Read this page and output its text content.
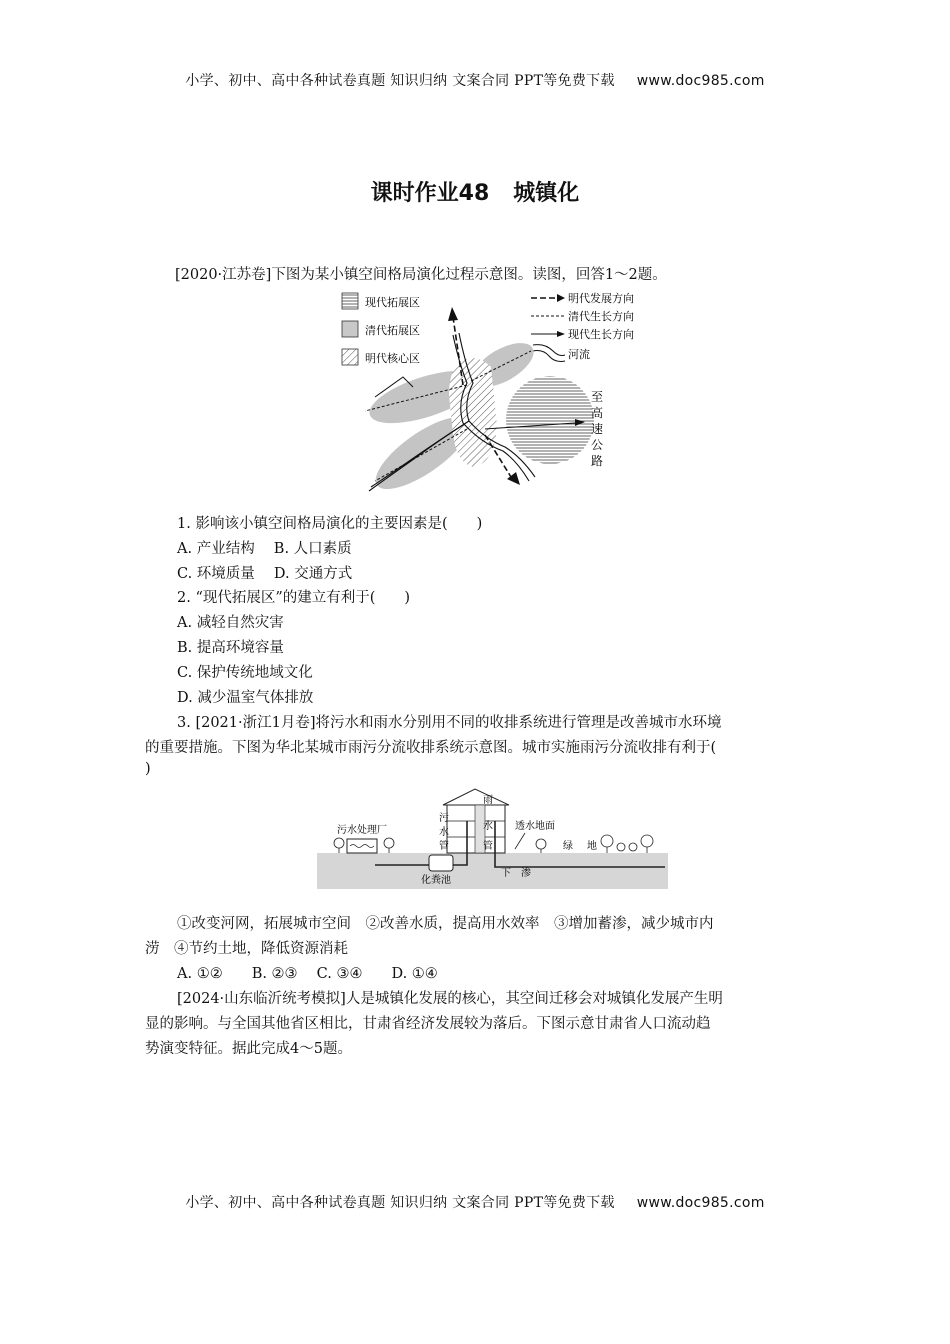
小学、初中、高中各种试卷真题 知识归纳 文案合同 PPT等免费下载 www.doc985.com
课时作业48 城镇化
[2020·江苏卷]下图为某小镇空间格局演化过程示意图。读图，回答1～2题。
现代拓展区
清代拓展区
明代核心区
明代发展方向
清代生长方向
现代生长方向
河流
至
高
速
公
路
1. 影响该小镇空间格局演化的主要因素是(　　)
A. 产业结构　 B. 人口素质
C. 环境质量　 D. 交通方式
2. “现代拓展区”的建立有利于(　　)
A. 减轻自然灾害
B. 提高环境容量
C. 保护传统地域文化
D. 减少温室气体排放
3. [2021·浙江1月卷]将污水和雨水分别用不同的收排系统进行管理是改善城市水环境
的重要措施。下图为华北某城市雨污分流收排系统示意图。城市实施雨污分流收排有利于(
)
化粪池
污水处理厂
污
水
管
雨
水
管
透水地面
绿 地
下 渗
①改变河网，拓展城市空间　②改善水质，提高用水效率　③增加蓄渗，减少城市内
涝　④节约土地，降低资源消耗
A. ①②　　B. ②③　 C. ③④　　D. ①④
[2024·山东临沂统考模拟]人是城镇化发展的核心，其空间迁移会对城镇化发展产生明
显的影响。与全国其他省区相比，甘肃省经济发展较为落后。下图示意甘肃省人口流动趋
势演变特征。据此完成4～5题。
小学、初中、高中各种试卷真题 知识归纳 文案合同 PPT等免费下载 www.doc985.com
